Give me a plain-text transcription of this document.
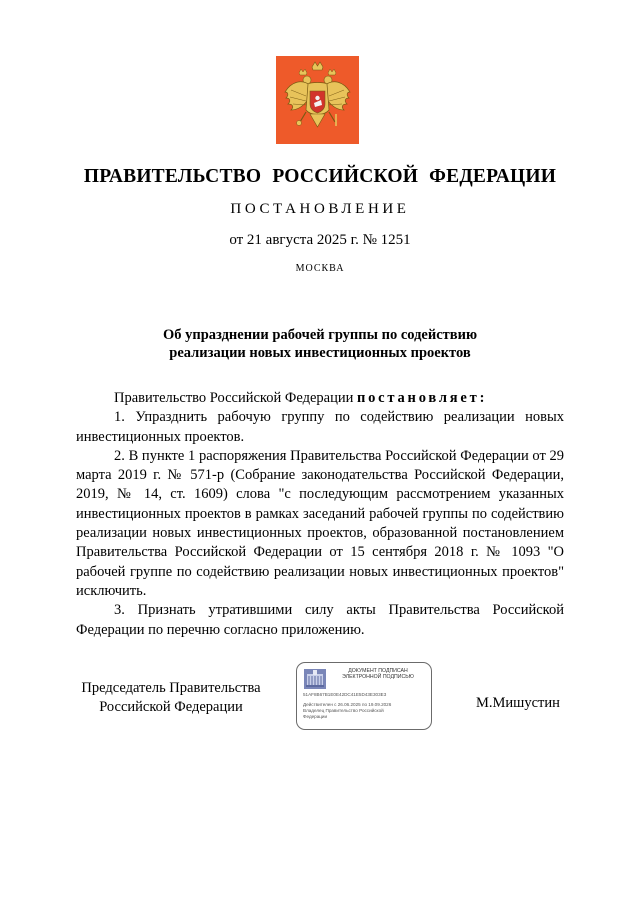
ПРАВИТЕЛЬСТВО РОССИЙСКОЙ ФЕДЕРАЦИИ
ПОСТАНОВЛЕНИЕ
от 21 августа 2025 г. № 1251
МОСКВА
Об упразднении рабочей группы по содействию
реализации новых инвестиционных проектов

Правительство Российской Федерации постановляет:

1. Упразднить рабочую группу по содействию реализации новых инвестиционных проектов.

2. В пункте 1 распоряжения Правительства Российской Федерации от 29 марта 2019 г. № 571-р (Собрание законодательства Российской Федерации, 2019, № 14, ст. 1609) слова "с последующим рассмотрением указанных инвестиционных проектов в рамках заседаний рабочей группы по содействию реализации новых инвестиционных проектов, образованной постановлением Правительства Российской Федерации от 15 сентября 2018 г. № 1093 "О рабочей группе по содействию реализации новых инвестиционных проектов" исключить.

3. Признать утратившими силу акты Правительства Российской Федерации по перечню согласно приложению.

Председатель Правительства
Российской Федерации
ДОКУМЕНТ ПОДПИСАН
ЭЛЕКТРОННОЙ ПОДПИСЬЮ
51AF8B67B1E0E42DC41E5D43E303E3
Действителен с 26.06.2025 по 19.09.2026
Владелец Правительство Российской
Федерации
М.Мишустин
